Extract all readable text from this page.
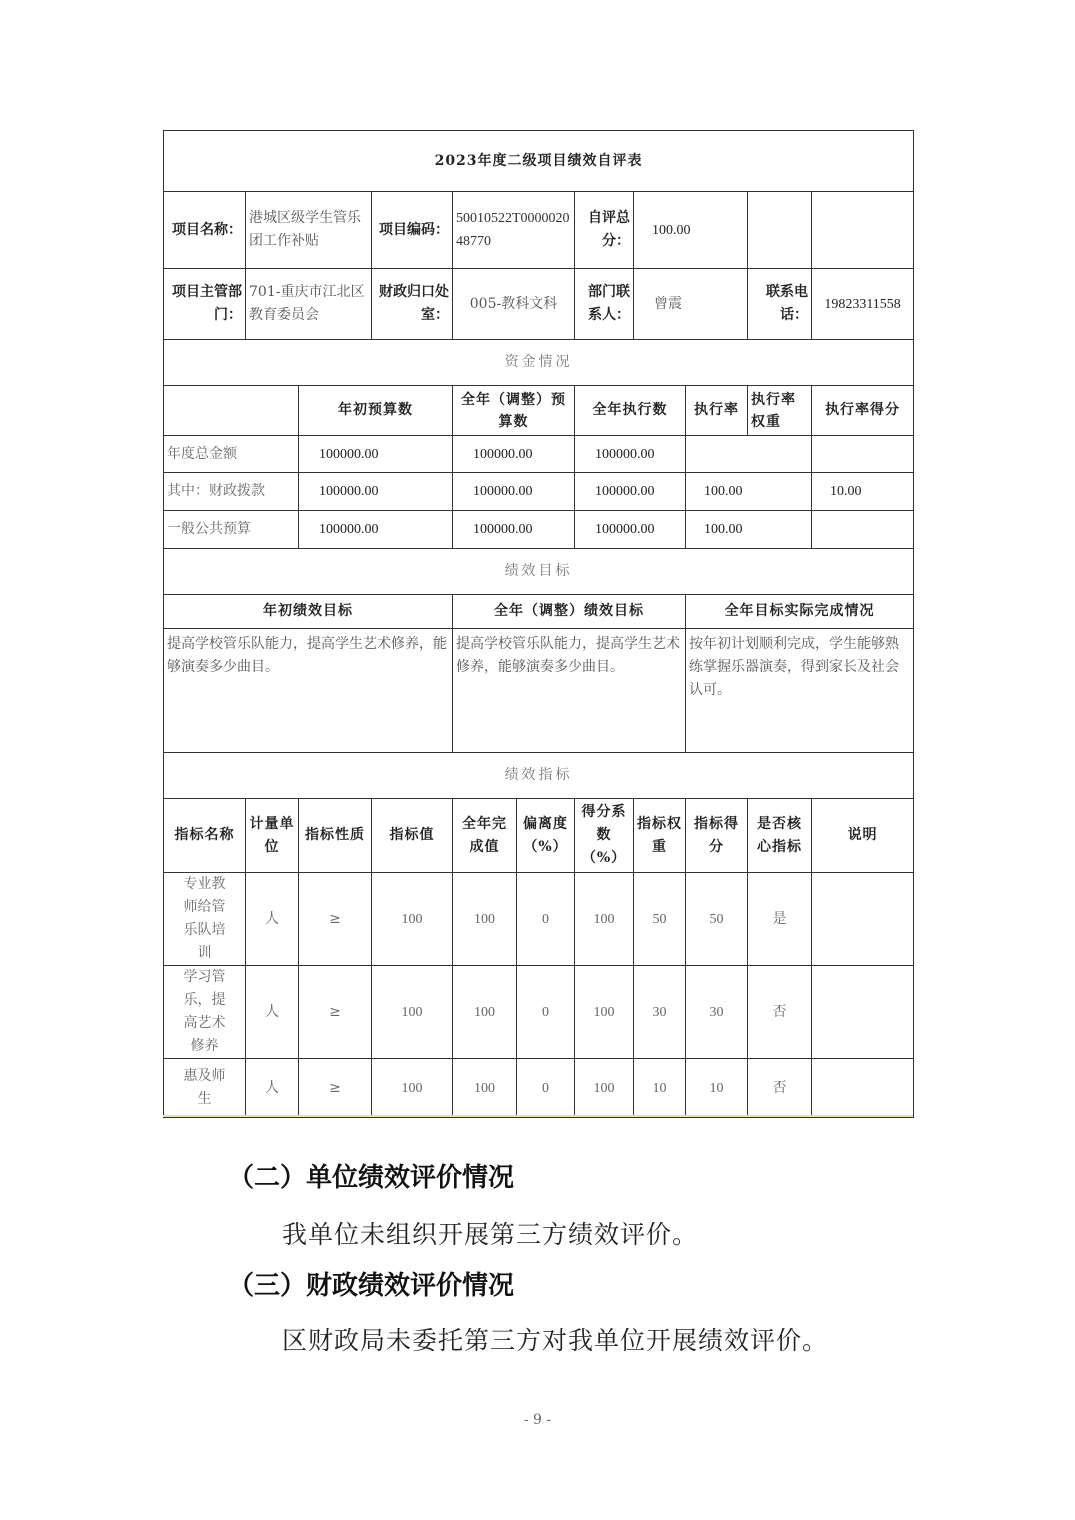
2023年度二级项目绩效自评表										
项目名称：	港城区级学生管乐团工作补贴		项目编码：	50010522T000002048770		自评总分：	100.00			
项目主管部门：	701-重庆市江北区教育委员会		财政归口处室：	005-教科文科		部门联系人：	曾震		联系电话：	19823311558
资金情况										
		年初预算数		全年（调整）预算数		全年执行数		执行率	执行率权重	执行率得分
年度总金额		100000.00		100000.00		100000.00				
其中：财政拨款		100000.00		100000.00		100000.00		100.00		10.00
一般公共预算		100000.00		100000.00		100000.00		100.00		
绩效目标										
年初绩效目标				全年（调整）绩效目标				全年目标实际完成情况		
提高学校管乐队能力，提高学生艺术修养，能够演奏多少曲目。				提高学校管乐队能力，提高学生艺术修养，能够演奏多少曲目。				按年初计划顺利完成，学生能够熟练掌握乐器演奏，得到家长及社会认可。		
绩效指标										
指标名称	计量单位	指标性质	指标值	全年完成值	偏离度（%）	得分系数（%）	指标权重	指标得分	是否核心指标	说明
专业教师给管乐队培训	人	≥	100	100	0	100	50	50	是	
学习管乐，提高艺术修养	人	≥	100	100	0	100	30	30	否	
惠及师生	人	≥	100	100	0	100	10	10	否	
（二）单位绩效评价情况
我单位未组织开展第三方绩效评价。
（三）财政绩效评价情况
区财政局未委托第三方对我单位开展绩效评价。
- 9 -
